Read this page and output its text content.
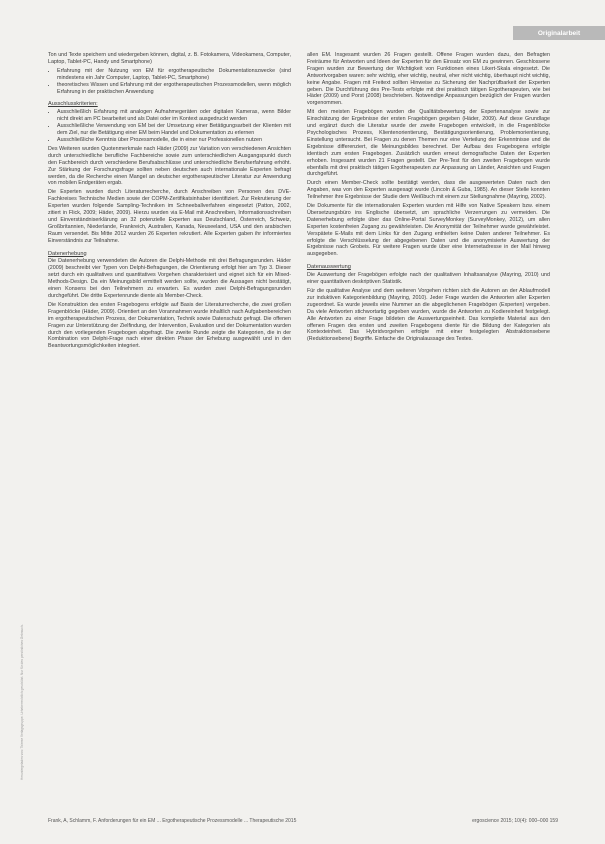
Originalarbeit
Heruntergeladen von: Thieme Verlagsgruppe. Urheberrechtlich geschützt. Nur für den persönlichen Gebrauch.

Ton und Texte speichern und wiedergeben können, digital, z. B. Fotokamera, Videokamera, Computer, Laptop, Tablet-PC, Handy und Smartphone)

• Erfahrung mit der Nutzung von EM für ergotherapeutische Dokumentationszwecke (sind mindestens ein Jahr Computer, Laptop, Tablet-PC, Smartphone)
• theoretisches Wissen und Erfahrung mit der ergotherapeutischen Prozessmodellen, wenn möglich Erfahrung in der praktischen Anwendung
Ausschlusskriterien:
• Ausschließlich Erfahrung mit analogen Aufnahmegeräten oder digitalen Kameras, wenn Bilder nicht direkt am PC bearbeitet und als Datei oder im Kontext ausgedruckt werden
• Ausschließliche Verwendung von EM bei der Umsetzung einer Betätigungsarbeit der Klienten mit dem Ziel, nur die Betätigung einer EM beim Handel und Dokumentation zu erlernen
• Ausschließliche Kenntnis über Prozessmodelle, die in einer nur Professionellen nutzen

Des Weiteren wurden Quotenmerkmale nach Häder (2009) zur Variation von verschiedenen Ansichten durch unterschiedliche berufliche Fachbereiche sowie zum unterschiedlichen Ausgangspunkt durch den Fachbereich durch verschiedene Berufsabschlüsse und unterschiedliche Berufserfahrung erhöht. Zur Stärkung der Forschungsfrage sollten neben deutschen auch internationale Experten befragt werden, da die Recherche einen Mangel an deutscher ergotherapeutischer Literatur zur Anwendung von mobilen Endgeräten ergab.

Die Experten wurden durch Literaturrecherche, durch Anschreiben von Personen des DVE-Fachkreises Technische Medien sowie der COPM-Zertifikatsinhaber identifiziert. Zur Rekrutierung der Experten wurden folgende Sampling-Techniken im Schneeballverfahren eingesetzt (Patton, 2002, zitiert in Flick, 2009; Häder, 2009). Hierzu wurden via E-Mail mit Anschreiben, Informationsschreiben und Einverständniserklärung an 32 potenzielle Experten aus Deutschland, Österreich, Schweiz, Großbritannien, Niederlande, Frankreich, Australien, Kanada, Neuseeland, USA und den arabischen Raum versendet. Bis Mitte 2012 wurden 26 Experten rekrutiert. Alle Experten gaben ihr informiertes Einverständnis zur Teilnahme.

Datenerhebung

Die Datenerhebung verwendeten die Autoren die Delphi-Methode mit drei Befragungsrunden. Häder (2009) beschreibt vier Typen von Delphi-Befragungen, die Orientierung erfolgt hier am Typ 3. Dieser setzt durch ein qualitatives und quantitatives Vorgehen charakterisiert und eignet sich für ein Mixed-Methods-Design. Da ein Meinungsbild ermittelt werden sollte, wurden die Aussagen nicht bestätigt, einen Konsens bei den Teilnehmern zu erwarten. Es wurden zwei Delphi-Befragungsrunden durchgeführt. Die dritte Expertenrunde diente als Member-Check.

Die Konstruktion des ersten Fragebogens erfolgte auf Basis der Literaturrecherche, die zwei großen Fragenblöcke (Häder, 2009). Orientiert an den Vorannahmen wurde inhaltlich nach Aufgabenbereichen im ergotherapeutischen Prozess, der Dokumentation, Technik sowie Datenschutz gefragt. Die offenen Fragen zur Unterstützung der Zielfindung, der Intervention, Evaluation und der Dokumentation wurden durch den vorliegenden Fragebogen abgefragt. Die zweite Runde zeigte die Kategorien, die in der Kombination von Delphi-Frage nach einer direkten Phase der Erhebung ausgewählt und in den Beantwortungsmöglichkeiten integriert.

allen EM. Insgesamt wurden 26 Fragen gestellt. Offene Fragen wurden dazu, den Befragten Freiräume für Antworten und Ideen der Experten für den Einsatz von EM zu gewinnen. Geschlossene Fragen wurden zur Bewertung der Wichtigkeit von Funktionen eines Likert-Skala eingesetzt. Die Antwortvorgaben waren: sehr wichtig, eher wichtig, neutral, eher nicht wichtig, überhaupt nicht wichtig, keine Angabe. Fragen mit Freitext sollten Hinweise zu Sicherung der Nachprüfbarkeit der Experten geben. Die Durchführung des Pre-Tests erfolgte mit drei praktisch tätigen Ergotherapeuten, wie bei Häder (2009) und Porst (2008) beschrieben. Notwendige Anpassungen bezüglich der Fragen wurden vorgenommen.

Mit den meisten Fragebögen wurden die Qualitätsbewertung der Expertenanalyse sowie zur Einschätzung der Ergebnisse der ersten Fragebögen gegeben (Häder, 2009). Auf diese Grundlage und ergänzt durch die Literatur wurde der zweite Fragebogen entwickelt, in die Fragenblöcke Psychologisches Prozess, Klientenorientierung, Bestätigungsorientierung, Problemorientierung, Einstellung untersucht. Bei Fragen zu denen Themen nur eine Verteilung der Erkenntnisse und die Ergebnisse differenziert, die Meinungsbildes berechnet. Der Aufbau des Fragebogens erfolgte identisch zum ersten Fragebogen. Zusätzlich wurden erneut demografische Daten der Experten erhoben. Insgesamt wurden 21 Fragen gestellt. Der Pre-Test für den zweiten Fragebogen wurde ebenfalls mit drei praktisch tätigen Ergotherapeuten zur Anpassung an Länder, Ansichten und Fragen durchgeführt.

Durch einen Member-Check sollte bestätigt werden, dass die ausgewerteten Daten nach den Angaben, was von den Experten ausgesagt wurde (Lincoln & Guba, 1985). An dieser Stelle konnten Teilnehmer ihre Ergebnisse der Studie dem Weißbuch mit einem zur Stellungnahme (Mayring, 2002).

Die Dokumente für die internationalen Experten wurden mit Hilfe von Native Speakern bzw. einem Übersetzungsbüro ins Englische übersetzt, um sprachliche Verzerrungen zu vermeiden. Die Datenerhebung erfolgte über das Online-Portal SurveyMonkey (SurveyMonkey, 2012), um allen Experten kostenfreien Zugang zu gewährleisten. Die Anonymität der Teilnehmer wurde gewährleistet. Verspätete E-Mails mit dem Links für den Zugang enthielten keine Daten anderer Teilnehmer. Es erfolgte die Verschlüsselung der abgegebenen Daten und die anonymisierte Auswertung der Ergebnisse nach Grobeis. Für weitere Fragen wurde über eine Internetadresse in der Mail hinweg ausgegeben.

Datenauswertung

Die Auswertung der Fragebögen erfolgte nach der qualitativen Inhaltsanalyse (Mayring, 2010) und einer quantitativen deskriptiven Statistik.

Für die qualitative Analyse und dem weiteren Vorgehen richten sich die Autoren an der Ablaufmodell zur induktiven Kategorienbildung (Mayring, 2010). Jeder Frage wurden die Antworten aller Experten zugeordnet. Es wurde jeweils eine Nummer an die abgeglichenen Fragebögen (Experten) vergeben. Da viele Antworten stichwortartig gegeben wurden, wurde die Antworten zu Kodiereinheit festgelegt. Alle Antworten zu einer Frage bildeten die Auswertungseinheit. Das komplette Material aus den offenen Fragen des ersten und zweiten Fragebogens diente für die Bildung der Kategorien als Kontexteinheit. Das Hybridvorgehen erfolgte mit einer festgelegten Abstraktionsebene (Reduktionsebene) Begriffe. Einfache die Originalaussage des Textes.

Frank, A, Schlamm, F. Anforderungen für ein EM ... Ergotherapeutische Prozessmodelle ... Therapeutische 2015	ergoscience 2015; 10(4): 000–000 159
